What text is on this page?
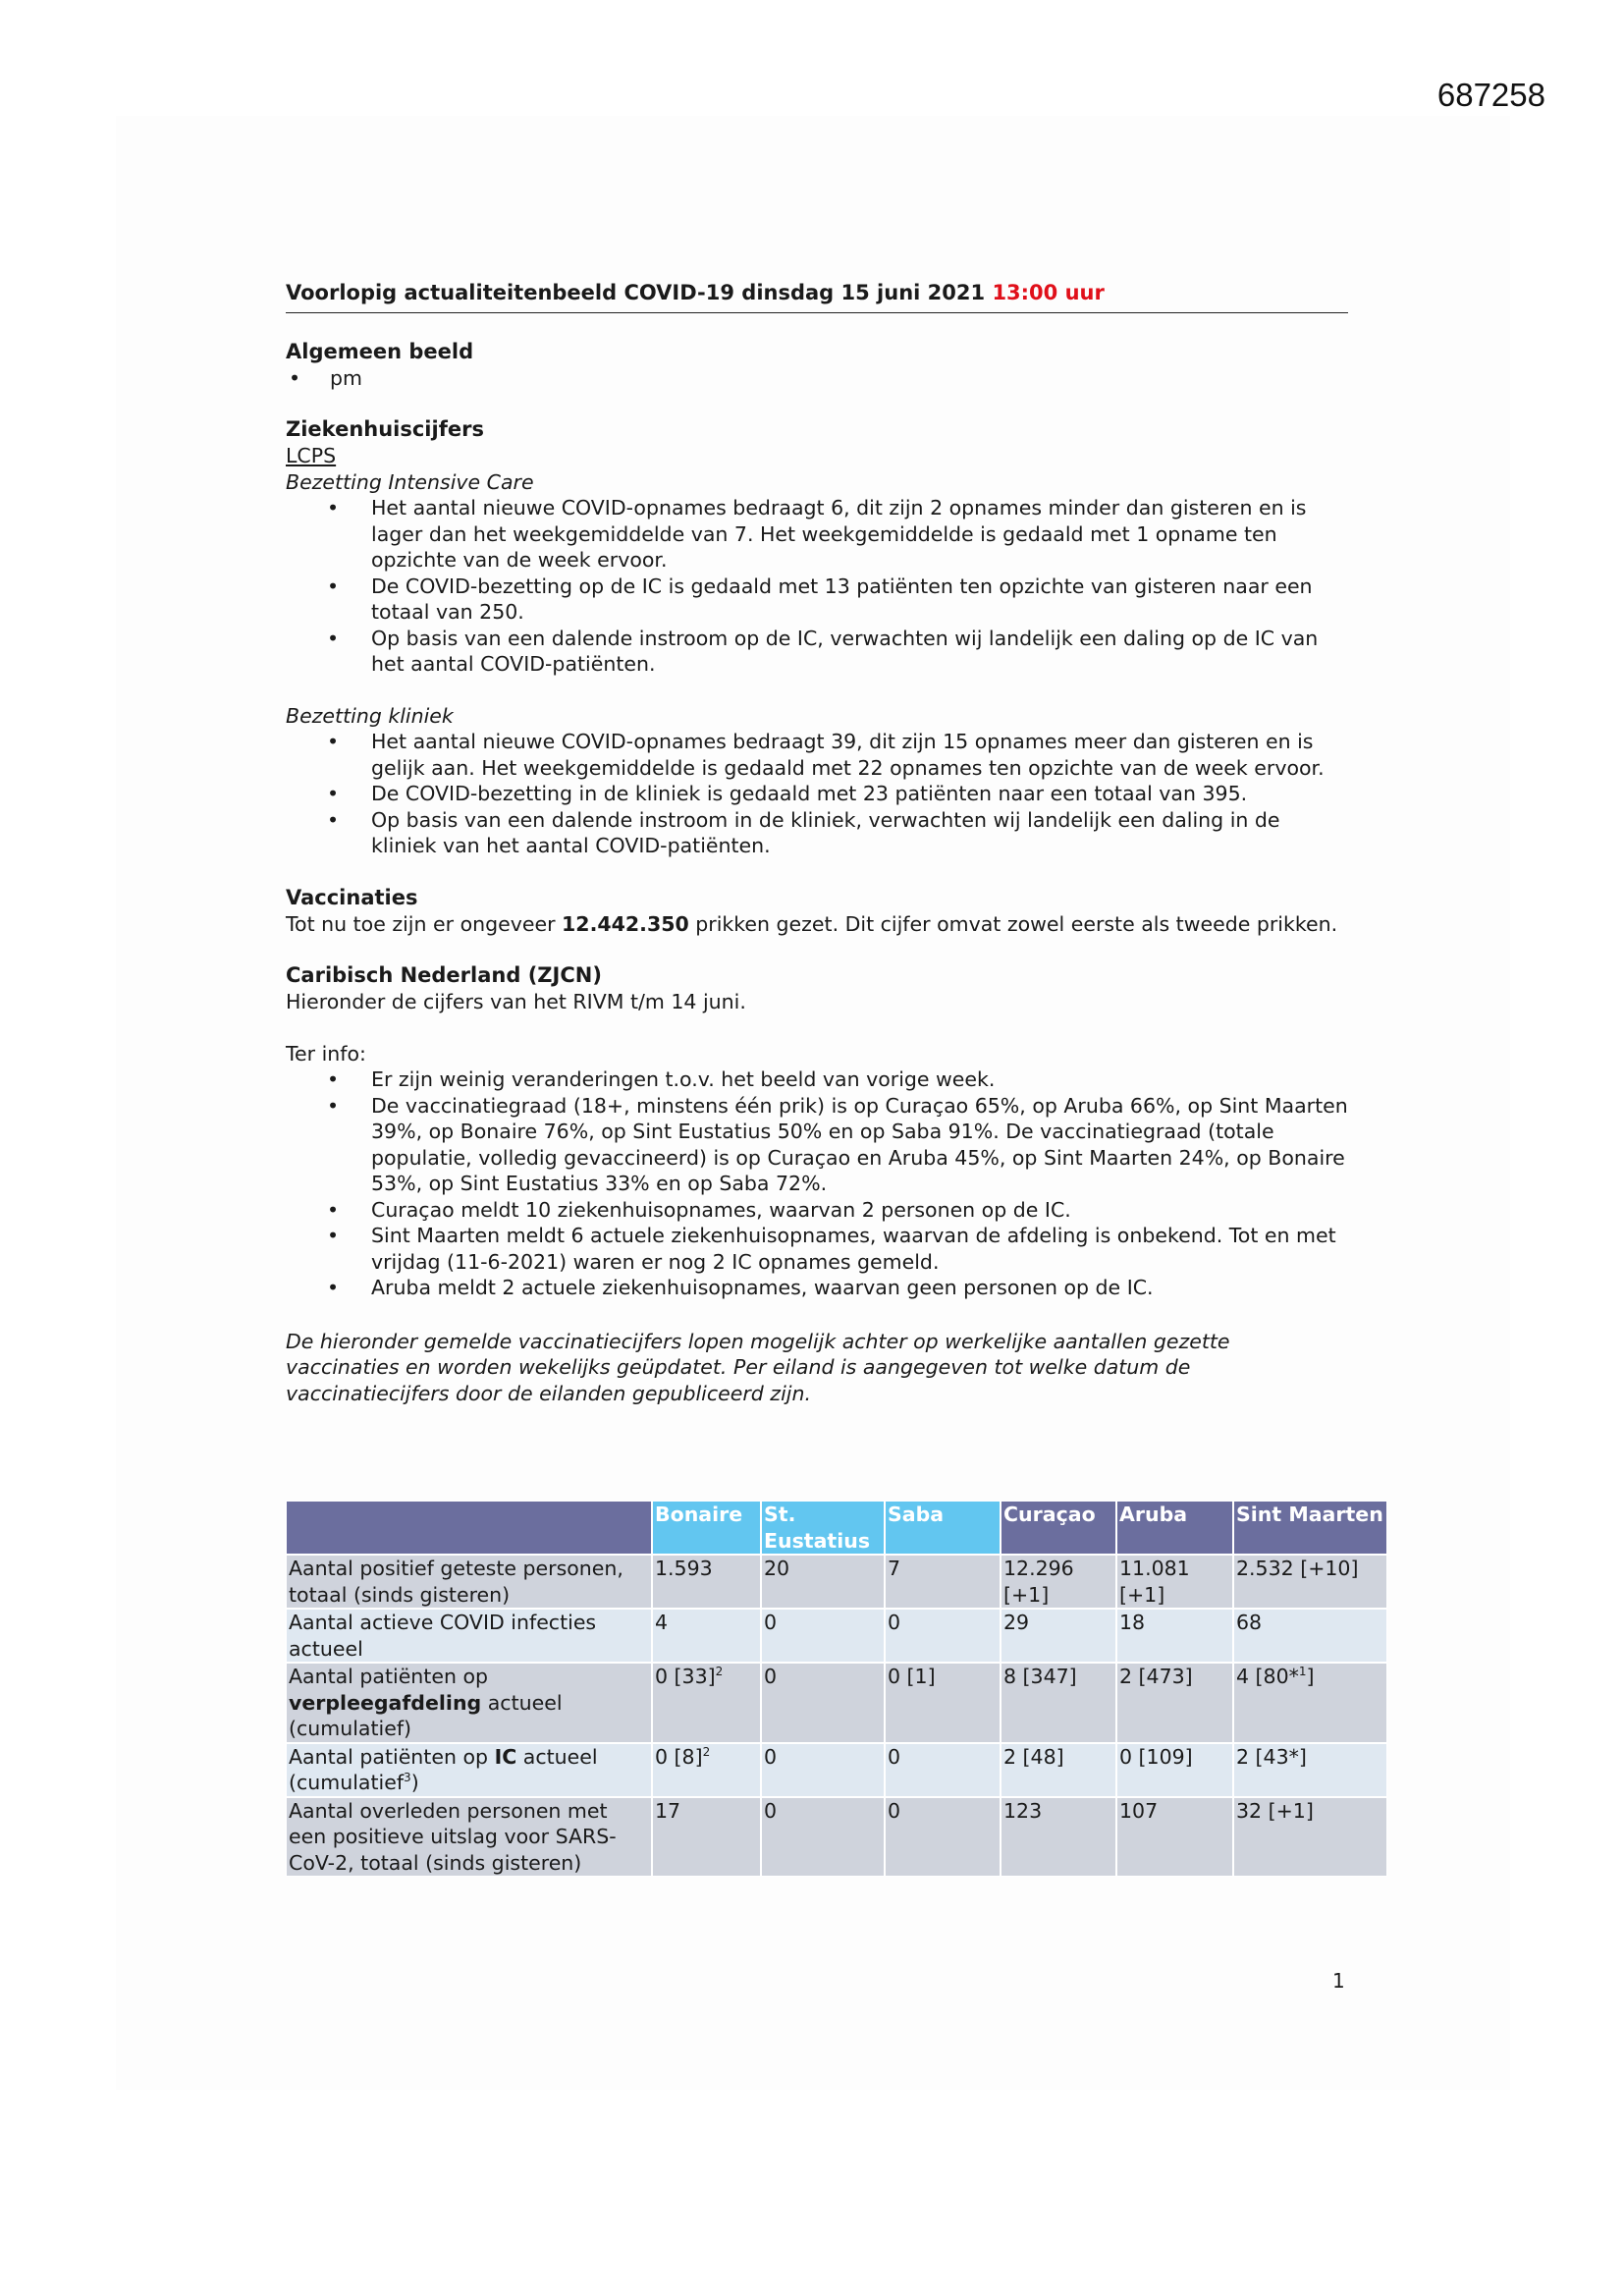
687258
Voorlopig actualiteitenbeeld COVID-19 dinsdag 15 juni 2021 13:00 uur
Algemeen beeld
• pm
Ziekenhuiscijfers
LCPS
Bezetting Intensive Care
• Het aantal nieuwe COVID-opnames bedraagt 6, dit zijn 2 opnames minder dan gisteren en is lager dan het weekgemiddelde van 7. Het weekgemiddelde is gedaald met 1 opname ten opzichte van de week ervoor.
• De COVID-bezetting op de IC is gedaald met 13 patiënten ten opzichte van gisteren naar een totaal van 250.
• Op basis van een dalende instroom op de IC, verwachten wij landelijk een daling op de IC van het aantal COVID-patiënten.
Bezetting kliniek
• Het aantal nieuwe COVID-opnames bedraagt 39, dit zijn 15 opnames meer dan gisteren en is gelijk aan. Het weekgemiddelde is gedaald met 22 opnames ten opzichte van de week ervoor.
• De COVID-bezetting in de kliniek is gedaald met 23 patiënten naar een totaal van 395.
• Op basis van een dalende instroom in de kliniek, verwachten wij landelijk een daling in de kliniek van het aantal COVID-patiënten.
Vaccinaties

Tot nu toe zijn er ongeveer 12.442.350 prikken gezet. Dit cijfer omvat zowel eerste als tweede prikken.

Caribisch Nederland (ZJCN)

Hieronder de cijfers van het RIVM t/m 14 juni.

Ter info:

• Er zijn weinig veranderingen t.o.v. het beeld van vorige week.
• De vaccinatiegraad (18+, minstens één prik) is op Curaçao 65%, op Aruba 66%, op Sint Maarten 39%, op Bonaire 76%, op Sint Eustatius 50% en op Saba 91%. De vaccinatiegraad (totale populatie, volledig gevaccineerd) is op Curaçao en Aruba 45%, op Sint Maarten 24%, op Bonaire 53%, op Sint Eustatius 33% en op Saba 72%.
• Curaçao meldt 10 ziekenhuisopnames, waarvan 2 personen op de IC.
• Sint Maarten meldt 6 actuele ziekenhuisopnames, waarvan de afdeling is onbekend. Tot en met vrijdag (11-6-2021) waren er nog 2 IC opnames gemeld.
• Aruba meldt 2 actuele ziekenhuisopnames, waarvan geen personen op de IC.

De hieronder gemelde vaccinatiecijfers lopen mogelijk achter op werkelijke aantallen gezette vaccinaties en worden wekelijks geüpdatet. Per eiland is aangegeven tot welke datum de vaccinatiecijfers door de eilanden gepubliceerd zijn.

	Bonaire	St. Eustatius	Saba	Curaçao	Aruba	Sint Maarten
Aantal positief geteste personen, totaal (sinds gisteren)	1.593	20	7	12.296 [+1]	11.081 [+1]	2.532 [+10]
Aantal actieve COVID infecties actueel	4	0	0	29	18	68
Aantal patiënten op verpleegafdeling actueel (cumulatief)	0 $[33]^2$	0	0 [1]	8 [347]	2 [473]	4 [80*$^1$]
Aantal patiënten op IC actueel (cumulatief$^3$)	0 $[8]^2$	0	0	2 [48]	0 [109]	2 [43*]
Aantal overleden personen met een positieve uitslag voor SARS-CoV-2, totaal (sinds gisteren)	17	0	0	123	107	32 [+1]
1
